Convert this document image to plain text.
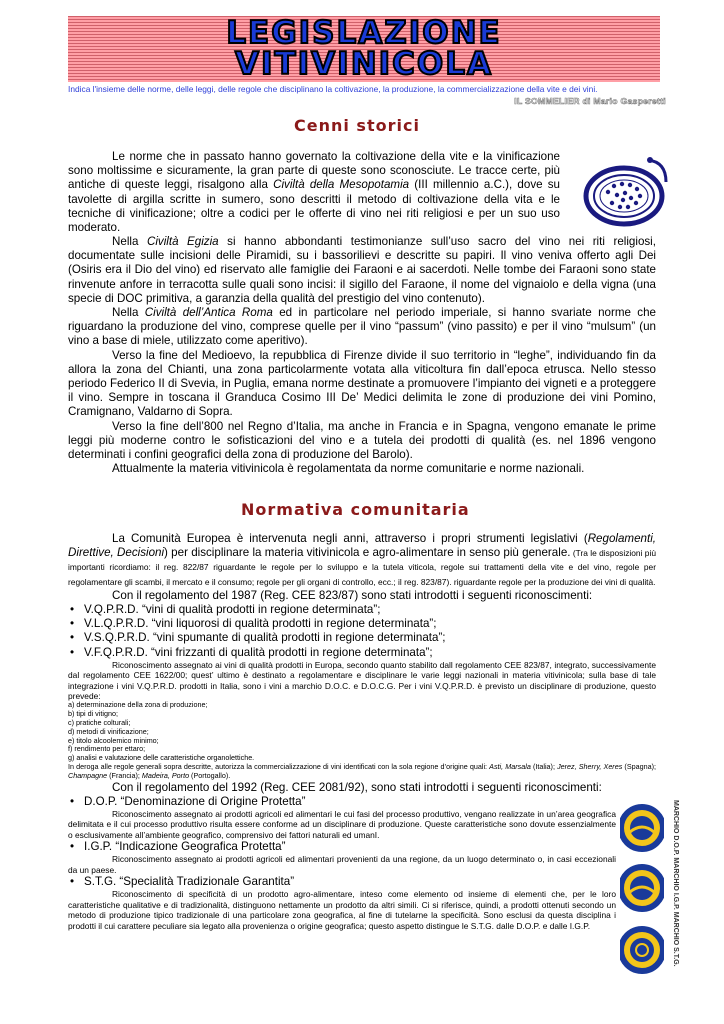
LEGISLAZIONE
VITIVINICOLA
Indica l'insieme delle norme, delle leggi, delle regole che disciplinano la coltivazione, la produzione, la commercializzazione della vite e dei vini.
IL SOMMELIER di Mario Gasperetti
Cenni storici

Le norme che in passato hanno governato la coltivazione della vite e la vinificazione sono moltissime e sicuramente, la gran parte di queste sono sconosciute. Le tracce certe, più antiche di queste leggi, risalgono alla Civiltà della Mesopotamia (III millennio a.C.), dove su tavolette di argilla scritte in sumero, sono descritti il metodo di coltivazione della vita e le tecniche di vinificazione; oltre a codici per le offerte di vino nei riti religiosi e per un suo uso moderato.

Nella Civiltà Egizia si hanno abbondanti testimonianze sull’uso sacro del vino nei riti religiosi, documentate sulle incisioni delle Piramidi, su i bassorilievi e descritte su papiri. Il vino veniva offerto agli Dei (Osiris era il Dio del vino) ed riservato alle famiglie dei Faraoni e ai sacerdoti. Nelle tombe dei Faraoni sono state rinvenute anfore in terracotta sulle quali sono incisi: il sigillo del Faraone, il nome del vignaiolo e della vigna (una specie di DOC primitiva, a garanzia della qualità del prestigio del vino contenuto).

Nella Civiltà dell’Antica Roma ed in particolare nel periodo imperiale, si hanno svariate norme che riguardano la produzione del vino, comprese quelle per il vino “passum” (vino passito) e per il vino “mulsum” (un vino a base di miele, utilizzato come aperitivo).

Verso la fine del Medioevo, la repubblica di Firenze divide il suo territorio in “leghe”, individuando fin da allora la zona del Chianti, una zona particolarmente votata alla viticoltura fin dall’epoca etrusca. Nello stesso periodo Federico II di Svevia, in Puglia, emana norme destinate a promuovere l’impianto dei vigneti e a proteggere il vino. Sempre in toscana il Granduca Cosimo III De’ Medici delimita le zone di produzione dei vini Pomino, Cramignano, Valdarno di Sopra.

Verso la fine dell’800 nel Regno d’Italia, ma anche in Francia e in Spagna, vengono emanate le prime leggi più moderne contro le sofisticazioni del vino e a tutela dei prodotti di qualità (es. nel 1896 vengono determinati i confini geografici della zona di produzione del Barolo).

Attualmente la materia vitivinicola è regolamentata da norme comunitarie e norme nazionali.

Normativa comunitaria

La Comunità Europea è intervenuta negli anni, attraverso i propri strumenti legislativi (Regolamenti, Direttive, Decisioni) per disciplinare la materia vitivinicola e agro-alimentare in senso più generale. (Tra le disposizioni più importanti ricordiamo: il reg. 822/87 riguardante le regole per lo sviluppo e la tutela viticola, regole sui trattamenti della vite e del vino, regole per regolamentare gli scambi, il mercato e il consumo; regole per gli organi di controllo, ecc.; il reg. 823/87). riguardante regole per la produzione dei vini di qualità.

Con il regolamento del 1987 (Reg. CEE 823/87) sono stati introdotti i seguenti riconoscimenti:

• V.Q.P.R.D. “vini di qualità prodotti in regione determinata”;
• V.L.Q.P.R.D. “vini liquorosi di qualità prodotti in regione determinata”;
• V.S.Q.P.R.D. “vini spumante di qualità prodotti in regione determinata”;
• V.F.Q.P.R.D. “vini frizzanti di qualità prodotti in regione determinata”;

Riconoscimento assegnato ai vini di qualità prodotti in Europa, secondo quanto stabilito dall regolamento CEE 823/87, integrato, successivamente dal regolamento CEE 1622/00; quest’ ultimo è destinato a regolamentare e disciplinare le varie leggi nazionali in materia vitivinicola; sulla base di tale integrazione i vini V.Q.P.R.D. prodotti in Italia, sono i vini a marchio D.O.C. e D.O.C.G. Per i vini V.Q.P.R.D. è previsto un disciplinare di produzione, questo prevede:

a) determinazione della zona di produzione;
b) tipi di vitigno;
c) pratiche colturali;
d) metodi di vinificazione;
e) titolo alcoolemico minimo;
f) rendimento per ettaro;
g) analisi e valutazione delle caratteristiche organolettiche.
In deroga alle regole generali sopra descritte, autorizza la commercializzazione di vini identificati con la sola regione d’origine quali: Asti, Marsala (Italia); Jerez, Sherry, Xeres (Spagna); Champagne (Francia); Madeira, Porto (Portogallo).

Con il regolamento del 1992 (Reg. CEE 2081/92), sono stati introdotti i seguenti riconoscimenti:

• D.O.P. “Denominazione di Origine Protetta”

Riconoscimento assegnato ai prodotti agricoli ed alimentari le cui fasi del processo produttivo, vengano realizzate in un’area geografica delimitata e il cui processo produttivo risulta essere conforme ad un disciplinare di produzione. Queste caratteristiche sono dovute essenzialmente o esclusivamente all’ambiente geografico, comprensivo dei fattori naturali ed umanI.

• I.G.P. “Indicazione Geografica Protetta”

Riconoscimento assegnato ai prodotti agricoli ed alimentari provenienti da una regione, da un luogo determinato o, in casi eccezionali da un paese.

• S.T.G. “Specialità Tradizionale Garantita”

Riconoscimento di specificità di un prodotto agro-alimentare, inteso come elemento od insieme di elementi che, per le loro caratteristiche qualitative e di tradizionalità, distinguono nettamente un prodotto da altri simili. Ci si riferisce, quindi, a prodotti ottenuti secondo un metodo di produzione tipico tradizionale di una particolare zona geografica, al fine di tutelarne la specificità. Sono esclusi da questa disciplina i prodotti il cui carattere peculiare sia legato alla provenienza o origine geografica; questo aspetto distingue le S.T.G. dalle D.O.P. e dalle I.G.P.	MARCHIO D.O.P. MARCHIO I.G.P. MARCHIO S.T.G.
